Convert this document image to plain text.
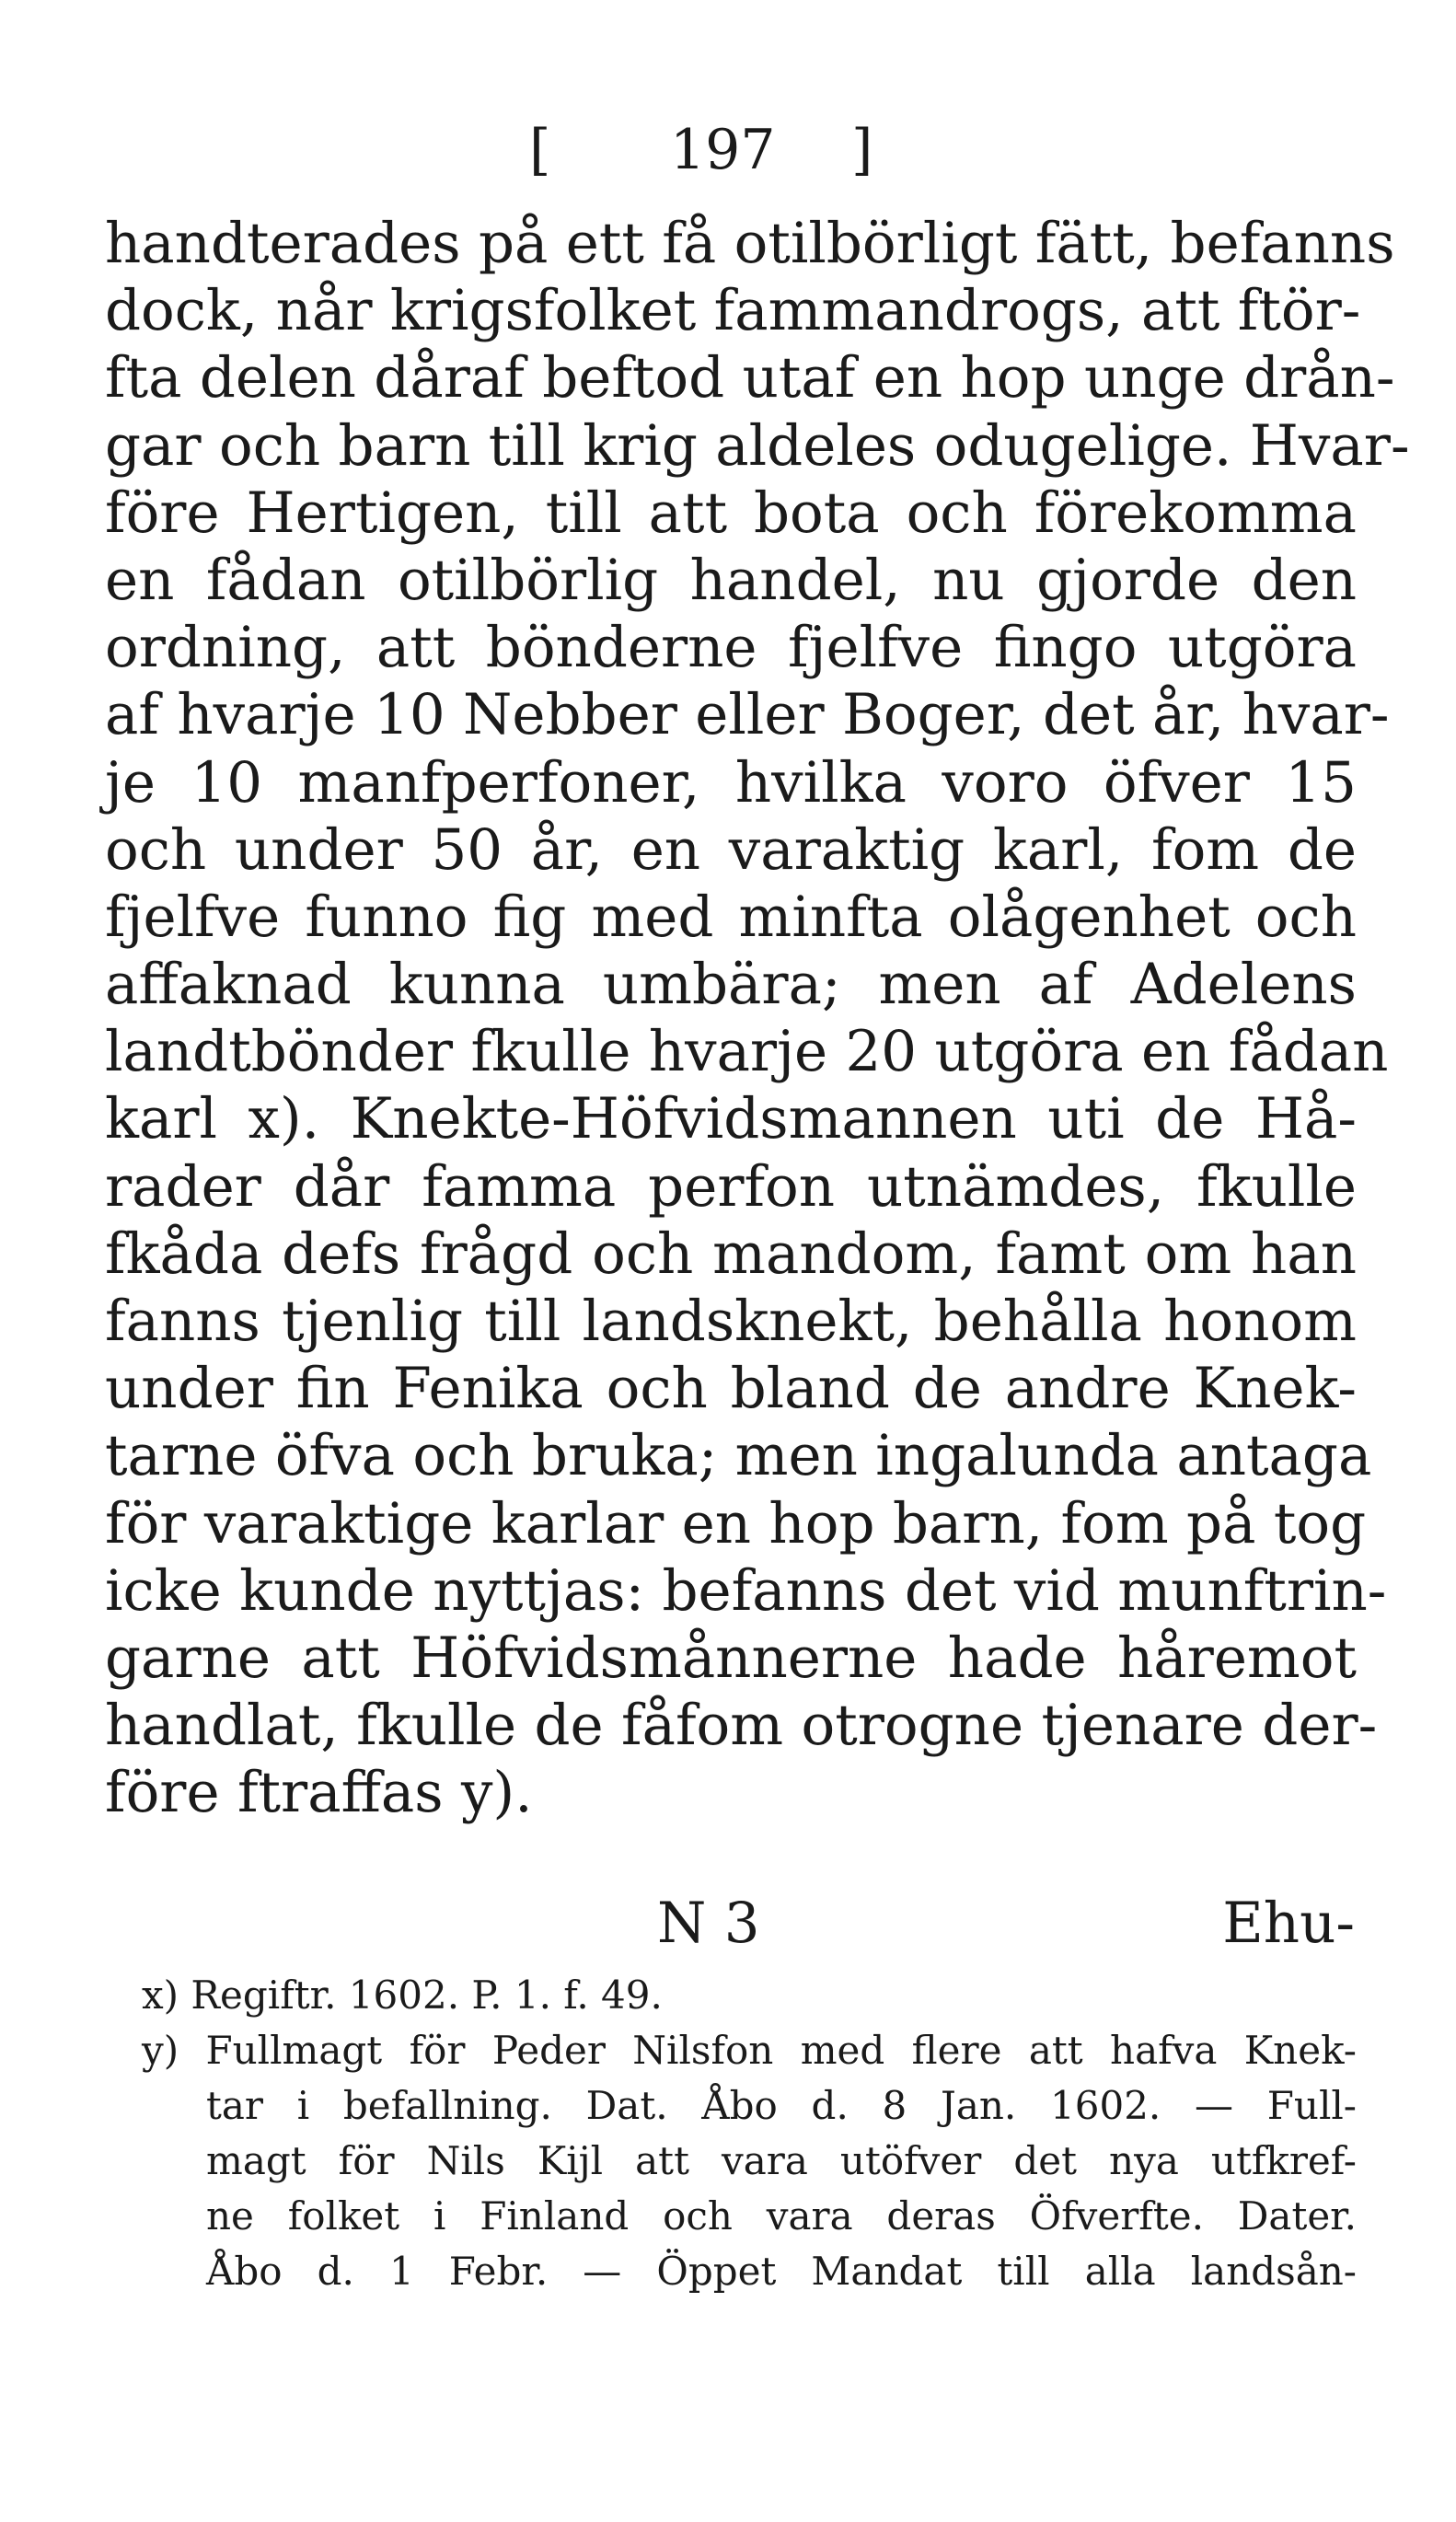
[ 197 ]
handterades på ett få otilbörligt fätt, befanns
dock, når krigsfolket fammandrogs, att ftör-
fta delen dåraf beftod utaf en hop unge drån-
gar och barn till krig aldeles odugelige. Hvar-
före Hertigen, till att bota och förekomma
en fådan otilbörlig handel, nu gjorde den
ordning, att bönderne fjelfve fingo utgöra
af hvarje 10 Nebber eller Boger, det år, hvar-
je 10 manfperfoner, hvilka voro öfver 15
och under 50 år, en varaktig karl, fom de
fjelfve funno fig med minfta olågenhet och
affaknad kunna umbära; men af Adelens
landtbönder fkulle hvarje 20 utgöra en fådan
karl x). Knekte-Höfvidsmannen uti de Hå-
rader dår famma perfon utnämdes, fkulle
fkåda defs frågd och mandom, famt om han
fanns tjenlig till landsknekt, behålla honom
under fin Fenika och bland de andre Knek-
tarne öfva och bruka; men ingalunda antaga
för varaktige karlar en hop barn, fom på tog
icke kunde nyttjas: befanns det vid munftrin-
garne att Höfvidsmånnerne hade håremot
handlat, fkulle de fåfom otrogne tjenare der-
före ftraffas y).
N 3	Ehu-
x) Regiftr. 1602. P. 1. f. 49.
y) Fullmagt för Peder Nilsfon med flere att hafva Knek-
tar i befallning. Dat. Åbo d. 8 Jan. 1602. — Full-
magt för Nils Kijl att vara utöfver det nya utfkref-
ne folket i Finland och vara deras Öfverfte. Dater.
Åbo d. 1 Febr. — Öppet Mandat till alla landsån-
